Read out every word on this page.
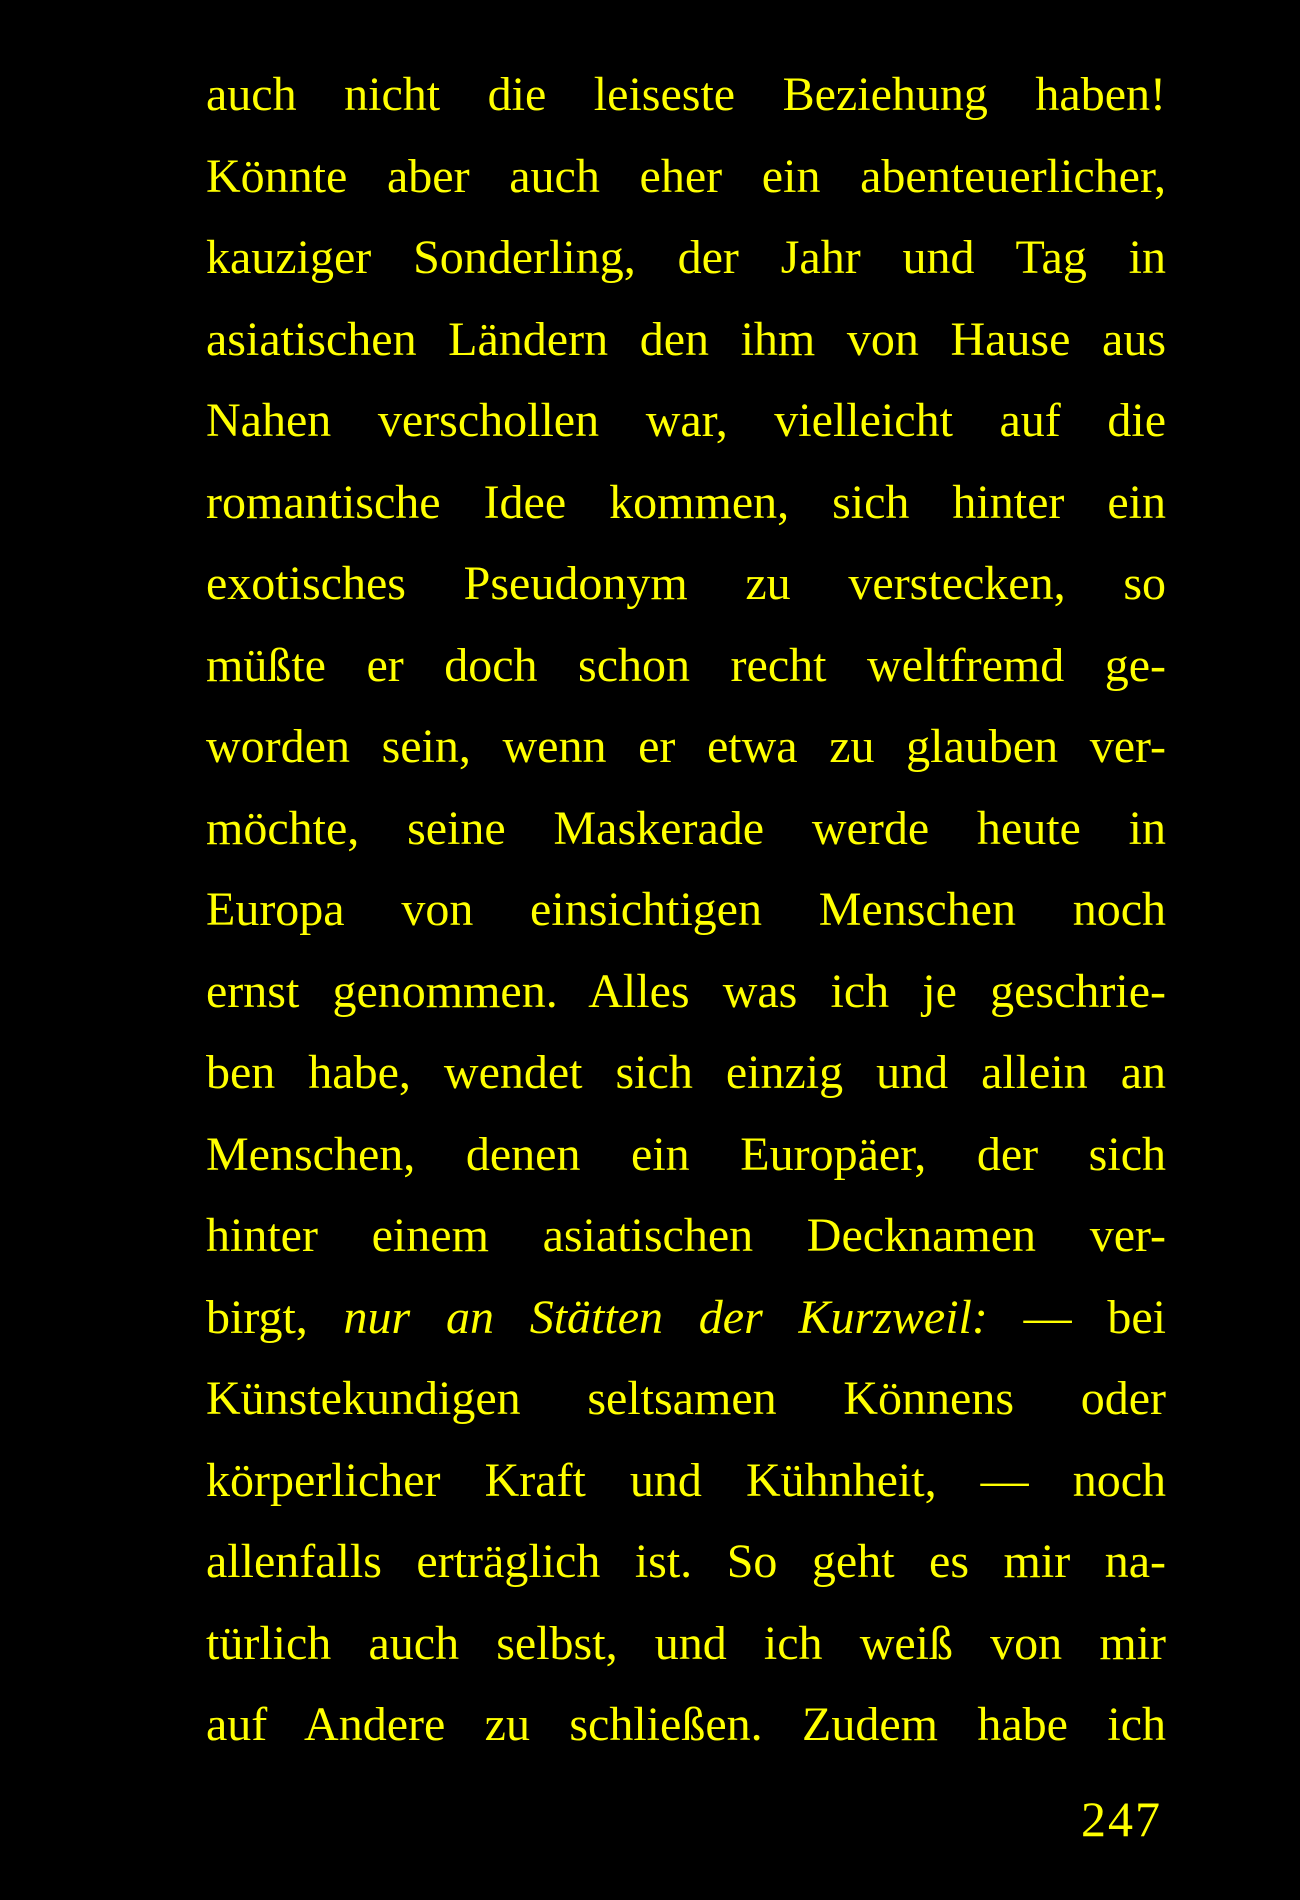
auch nicht die leiseste Beziehung haben!
Könnte aber auch eher ein abenteuerlicher,
kauziger Sonderling, der Jahr und Tag in
asiatischen Ländern den ihm von Hause aus
Nahen verschollen war, vielleicht auf die
romantische Idee kommen, sich hinter ein
exotisches Pseudonym zu verstecken, so
müßte er doch schon recht weltfremd ge-
worden sein, wenn er etwa zu glauben ver-
möchte, seine Maskerade werde heute in
Europa von einsichtigen Menschen noch
ernst genommen. Alles was ich je geschrie-
ben habe, wendet sich einzig und allein an
Menschen, denen ein Europäer, der sich
hinter einem asiatischen Decknamen ver-
birgt, nur an Stätten der Kurzweil: — bei
Künstekundigen seltsamen Könnens oder
körperlicher Kraft und Kühnheit, — noch
allenfalls erträglich ist. So geht es mir na-
türlich auch selbst, und ich weiß von mir
auf Andere zu schließen. Zudem habe ich
247
